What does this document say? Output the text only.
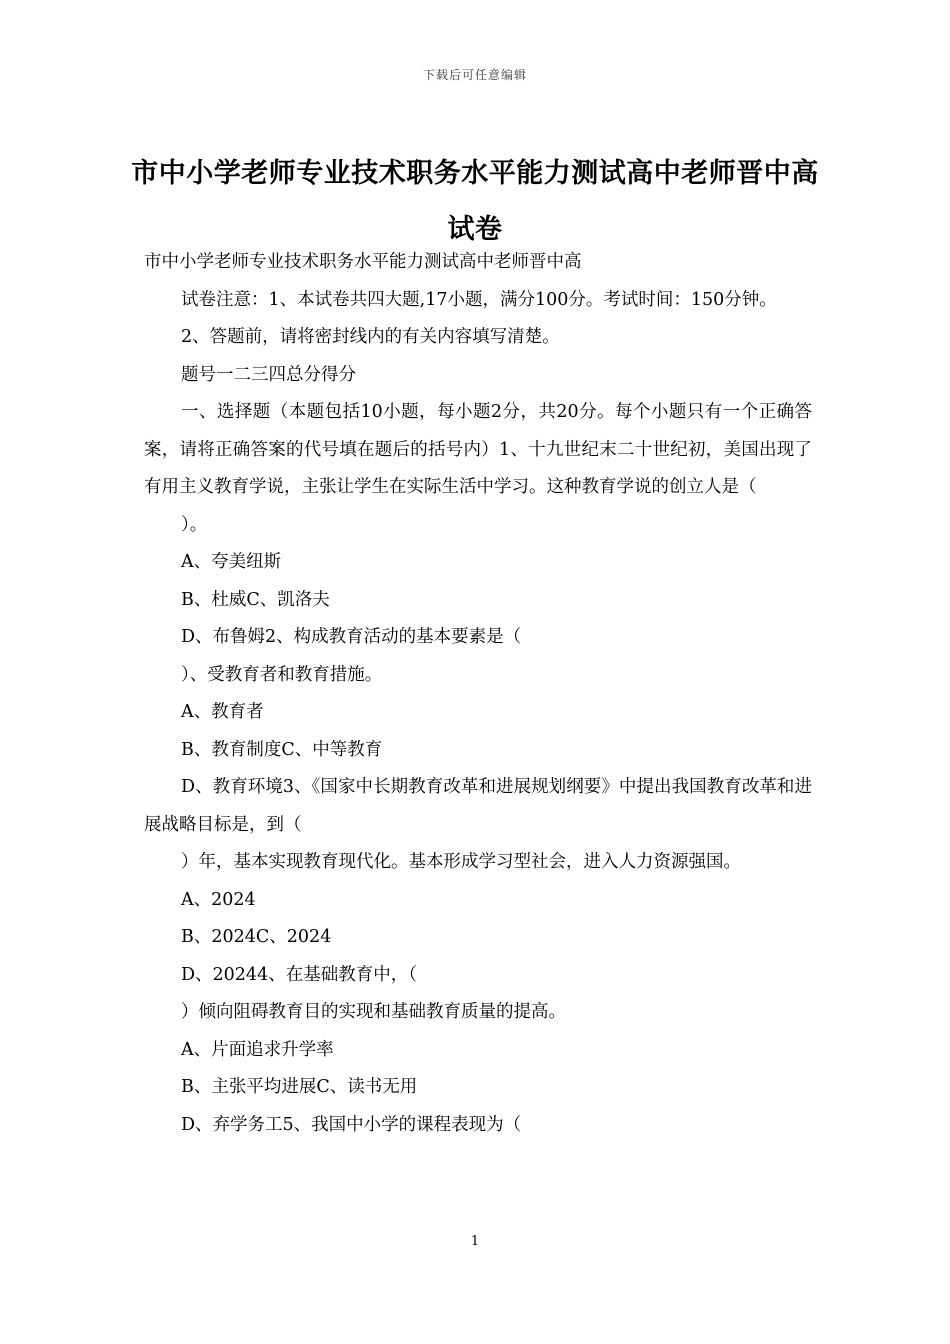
下载后可任意编辑
市中小学老师专业技术职务水平能力测试高中老师晋中高
试卷

市中小学老师专业技术职务水平能力测试高中老师晋中高

试卷注意：1、本试卷共四大题,17小题，满分100分。考试时间：150分钟。

2、答题前，请将密封线内的有关内容填写清楚。

题号一二三四总分得分

一、选择题（本题包括10小题，每小题2分，共20分。每个小题只有一个正确答案，请将正确答案的代号填在题后的括号内）1、十九世纪末二十世纪初，美国出现了有用主义教育学说，主张让学生在实际生活中学习。这种教育学说的创立人是（

）。

A、夸美纽斯

B、杜威C、凯洛夫

D、布鲁姆2、构成教育活动的基本要素是（

）、受教育者和教育措施。

A、教育者

B、教育制度C、中等教育

D、教育环境3、《国家中长期教育改革和进展规划纲要》中提出我国教育改革和进展战略目标是，到（

）年，基本实现教育现代化。基本形成学习型社会，进入人力资源强国。

A、2024

B、2024C、2024

D、20244、在基础教育中，（

）倾向阻碍教育目的实现和基础教育质量的提高。

A、片面追求升学率

B、主张平均进展C、读书无用

D、弃学务工5、我国中小学的课程表现为（

1
